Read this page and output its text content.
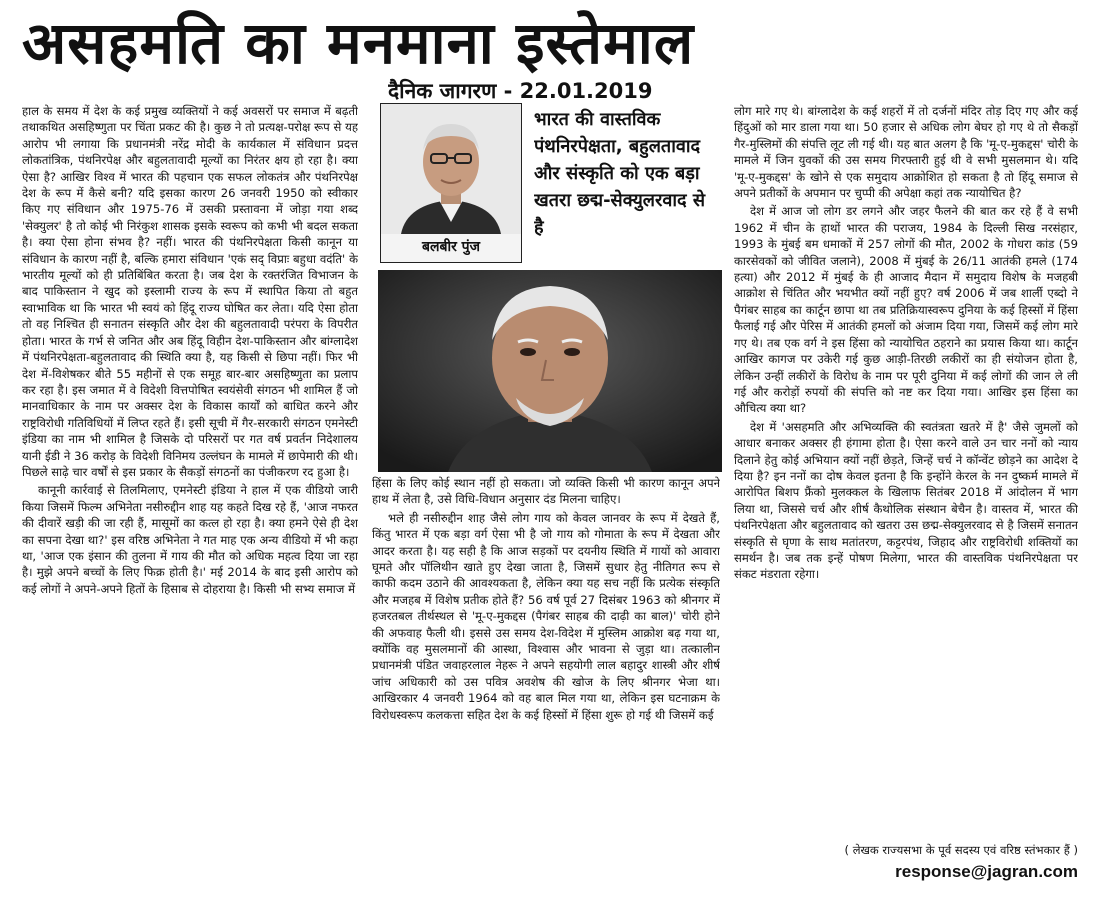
असहमति का मनमाना इस्तेमाल
दैनिक जागरण - 22.01.2019

हाल के समय में देश के कई प्रमुख व्यक्तियों ने कई अवसरों पर समाज में बढ़ती तथाकथित असहिष्णुता पर चिंता प्रकट की है। कुछ ने तो प्रत्यक्ष-परोक्ष रूप से यह आरोप भी लगाया कि प्रधानमंत्री नरेंद्र मोदी के कार्यकाल में संविधान प्रदत्त लोकतांत्रिक, पंथनिरपेक्ष और बहुलतावादी मूल्यों का निरंतर क्षय हो रहा है। क्या ऐसा है? आखिर विश्व में भारत की पहचान एक सफल लोकतंत्र और पंथनिरपेक्ष देश के रूप में कैसे बनी? यदि इसका कारण 26 जनवरी 1950 को स्वीकार किए गए संविधान और 1975-76 में उसकी प्रस्तावना में जोड़ा गया शब्द 'सेक्युलर' है तो कोई भी निरंकुश शासक इसके स्वरूप को कभी भी बदल सकता है। क्या ऐसा होना संभव है? नहीं। भारत की पंथनिरपेक्षता किसी कानून या संविधान के कारण नहीं है, बल्कि हमारा संविधान 'एकं सद् विप्राः बहुधा वदंति' के भारतीय मूल्यों को ही प्रतिबिंबित करता है। जब देश के रक्तरंजित विभाजन के बाद पाकिस्तान ने खुद को इस्लामी राज्य के रूप में स्थापित किया तो बहुत स्वाभाविक था कि भारत भी स्वयं को हिंदू राज्य घोषित कर लेता। यदि ऐसा होता तो वह निश्चित ही सनातन संस्कृति और देश की बहुलतावादी परंपरा के विपरीत होता। भारत के गर्भ से जनित और अब हिंदू विहीन देश-पाकिस्तान और बांग्लादेश में पंथनिरपेक्षता-बहुलतावाद की स्थिति क्या है, यह किसी से छिपा नहीं। फिर भी देश में-विशेषकर बीते 55 महीनों से एक समूह बार-बार असहिष्णुता का प्रलाप कर रहा है। इस जमात में वे विदेशी वित्तपोषित स्वयंसेवी संगठन भी शामिल हैं जो मानवाधिकार के नाम पर अक्सर देश के विकास कार्यों को बाधित करने और राष्ट्रविरोधी गतिविधियों में लिप्त रहते हैं। इसी सूची में गैर-सरकारी संगठन एमनेस्टी इंडिया का नाम भी शामिल है जिसके दो परिसरों पर गत वर्ष प्रवर्तन निदेशालय यानी ईडी ने 36 करोड़ के विदेशी विनिमय उल्लंघन के मामले में छापेमारी की थी। पिछले साढ़े चार वर्षों से इस प्रकार के सैकड़ों संगठनों का पंजीकरण रद हुआ है।

कानूनी कार्रवाई से तिलमिलाए, एमनेस्टी इंडिया ने हाल में एक वीडियो जारी किया जिसमें फिल्म अभिनेता नसीरुद्दीन शाह यह कहते दिख रहे हैं, 'आज नफरत की दीवारें खड़ी की जा रही हैं, मासूमों का कत्ल हो रहा है। क्या हमने ऐसे ही देश का सपना देखा था?' इस वरिष्ठ अभिनेता ने गत माह एक अन्य वीडियो में भी कहा था, 'आज एक इंसान की तुलना में गाय की मौत को अधिक महत्व दिया जा रहा है। मुझे अपने बच्चों के लिए फिक्र होती है।' मई 2014 के बाद इसी आरोप को कई लोगों ने अपने-अपने हितों के हिसाब से दोहराया है। किसी भी सभ्य समाज में

बलबीर पुंज
भारत की वास्तविक पंथनिरपेक्षता, बहुलतावाद और संस्कृति को एक बड़ा खतरा छद्म-सेक्युलरवाद से है

हिंसा के लिए कोई स्थान नहीं हो सकता। जो व्यक्ति किसी भी कारण कानून अपने हाथ में लेता है, उसे विधि-विधान अनुसार दंड मिलना चाहिए।

भले ही नसीरुद्दीन शाह जैसे लोग गाय को केवल जानवर के रूप में देखते हैं, किंतु भारत में एक बड़ा वर्ग ऐसा भी है जो गाय को गोमाता के रूप में देखता और आदर करता है। यह सही है कि आज सड़कों पर दयनीय स्थिति में गायों को आवारा घूमते और पॉलिथीन खाते हुए देखा जाता है, जिसमें सुधार हेतु नीतिगत रूप से काफी कदम उठाने की आवश्यकता है, लेकिन क्या यह सच नहीं कि प्रत्येक संस्कृति और मजहब में विशेष प्रतीक होते हैं? 56 वर्ष पूर्व 27 दिसंबर 1963 को श्रीनगर में हजरतबल तीर्थस्थल से 'मू-ए-मुकद्दस (पैगंबर साहब की दाढ़ी का बाल)' चोरी होने की अफवाह फैली थी। इससे उस समय देश-विदेश में मुस्लिम आक्रोश बढ़ गया था, क्योंकि वह मुसलमानों की आस्था, विश्वास और भावना से जुड़ा था। तत्कालीन प्रधानमंत्री पंडित जवाहरलाल नेहरू ने अपने सहयोगी लाल बहादुर शास्त्री और शीर्ष जांच अधिकारी को उस पवित्र अवशेष की खोज के लिए श्रीनगर भेजा था। आखिरकार 4 जनवरी 1964 को वह बाल मिल गया था, लेकिन इस घटनाक्रम के विरोधस्वरूप कलकत्ता सहित देश के कई हिस्सों में हिंसा शुरू हो गई थी जिसमें कई

लोग मारे गए थे। बांग्लादेश के कई शहरों में तो दर्जनों मंदिर तोड़ दिए गए और कई हिंदुओं को मार डाला गया था। 50 हजार से अधिक लोग बेघर हो गए थे तो सैकड़ों गैर-मुस्लिमों की संपत्ति लूट ली गई थी। यह बात अलग है कि 'मू-ए-मुकद्दस' चोरी के मामले में जिन युवकों की उस समय गिरफ्तारी हुई थी वे सभी मुसलमान थे। यदि 'मू-ए-मुकद्दस' के खोने से एक समुदाय आक्रोशित हो सकता है तो हिंदू समाज से अपने प्रतीकों के अपमान पर चुप्पी की अपेक्षा कहां तक न्यायोचित है?

देश में आज जो लोग डर लगने और जहर फैलने की बात कर रहे हैं वे सभी 1962 में चीन के हाथों भारत की पराजय, 1984 के दिल्ली सिख नरसंहार, 1993 के मुंबई बम धमाकों में 257 लोगों की मौत, 2002 के गोधरा कांड (59 कारसेवकों को जीवित जलाने), 2008 में मुंबई के 26/11 आतंकी हमले (174 हत्या) और 2012 में मुंबई के ही आजाद मैदान में समुदाय विशेष के मजहबी आक्रोश से चिंतित और भयभीत क्यों नहीं हुए? वर्ष 2006 में जब शार्ली एब्दो ने पैगंबर साहब का कार्टून छापा था तब प्रतिक्रियास्वरूप दुनिया के कई हिस्सों में हिंसा फैलाई गई और पेरिस में आतंकी हमलों को अंजाम दिया गया, जिसमें कई लोग मारे गए थे। तब एक वर्ग ने इस हिंसा को न्यायोचित ठहराने का प्रयास किया था। कार्टून आखिर कागज पर उकेरी गई कुछ आड़ी-तिरछी लकीरों का ही संयोजन होता है, लेकिन उन्हीं लकीरों के विरोध के नाम पर पूरी दुनिया में कई लोगों की जान ले ली गई और करोड़ों रुपयों की संपत्ति को नष्ट कर दिया गया। आखिर इस हिंसा का औचित्य क्या था?

देश में 'असहमति और अभिव्यक्ति की स्वतंत्रता खतरे में है' जैसे जुमलों को आधार बनाकर अक्सर ही हंगामा होता है। ऐसा करने वाले उन चार ननों को न्याय दिलाने हेतु कोई अभियान क्यों नहीं छेड़ते, जिन्हें चर्च ने कॉन्वेंट छोड़ने का आदेश दे दिया है? इन ननों का दोष केवल इतना है कि इन्होंने केरल के नन दुष्कर्म मामले में आरोपित बिशप फ्रैंको मुलक्कल के खिलाफ सितंबर 2018 में आंदोलन में भाग लिया था, जिससे चर्च और शीर्ष कैथोलिक संस्थान बेचैन है। वास्तव में, भारत की पंथनिरपेक्षता और बहुलतावाद को खतरा उस छद्म-सेक्युलरवाद से है जिसमें सनातन संस्कृति से घृणा के साथ मतांतरण, कट्टरपंथ, जिहाद और राष्ट्रविरोधी शक्तियों का समर्थन है। जब तक इन्हें पोषण मिलेगा, भारत की वास्तविक पंथनिरपेक्षता पर संकट मंडराता रहेगा।

( लेखक राज्यसभा के पूर्व सदस्य एवं वरिष्ठ स्तंभकार हैं )
response@jagran.com
